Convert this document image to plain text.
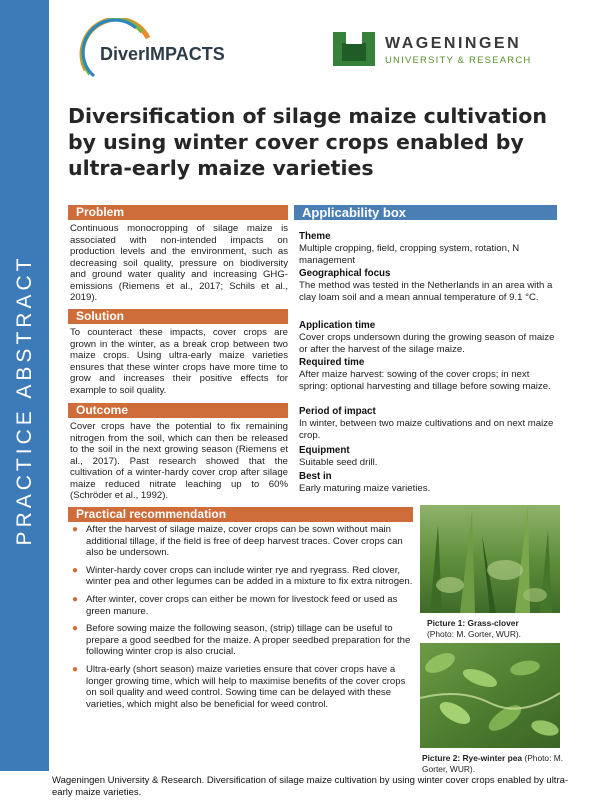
PRACTICE ABSTRACT
DiverIMPACTS
WAGENINGEN
UNIVERSITY & RESEARCH
Diversification of silage maize cultivation by using winter cover crops enabled by ultra-early maize varieties
Problem
Continuous monocropping of silage maize is associated with non-intended impacts on production levels and the environment, such as decreasing soil quality, pressure on biodiversity and ground water quality and increasing GHG-emissions (Riemens et al., 2017; Schils et al., 2019).
Solution
To counteract these impacts, cover crops are grown in the winter, as a break crop between two maize crops. Using ultra-early maize varieties ensures that these winter crops have more time to grow and increases their positive effects for example to soil quality.
Outcome
Cover crops have the potential to fix remaining nitrogen from the soil, which can then be released to the soil in the next growing season (Riemens et al., 2017). Past research showed that the cultivation of a winter-hardy cover crop after silage maize reduced nitrate leaching up to 60% (Schröder et al., 1992).
Applicability box
Theme
Multiple cropping, field, cropping system, rotation, N management
Geographical focus
The method was tested in the Netherlands in an area with a clay loam soil and a mean annual temperature of 9.1 °C.
Application time
Cover crops undersown during the growing season of maize or after the harvest of the silage maize.
Required time
After maize harvest: sowing of the cover crops; in next spring: optional harvesting and tillage before sowing maize.
Period of impact
In winter, between two maize cultivations and on next maize crop.
Equipment
Suitable seed drill.
Best in
Early maturing maize varieties.
Practical recommendation
● After the harvest of silage maize, cover crops can be sown without main additional tillage, if the field is free of deep harvest traces. Cover crops can also be undersown.
● Winter-hardy cover crops can include winter rye and ryegrass. Red clover, winter pea and other legumes can be added in a mixture to fix extra nitrogen.
● After winter, cover crops can either be mown for livestock feed or used as green manure.
● Before sowing maize the following season, (strip) tillage can be useful to prepare a good seedbed for the maize. A proper seedbed preparation for the following winter crop is also crucial.
● Ultra-early (short season) maize varieties ensure that cover crops have a longer growing time, which will help to maximise benefits of the cover crops on soil quality and weed control. Sowing time can be delayed with these varieties, which might also be beneficial for weed control.
Picture 1: Grass-clover
(Photo: M. Gorter, WUR).
Picture 2: Rye-winter pea (Photo: M. Gorter, WUR).
Wageningen University & Research. Diversification of silage maize cultivation by using winter cover crops enabled by ultra-early maize varieties.
